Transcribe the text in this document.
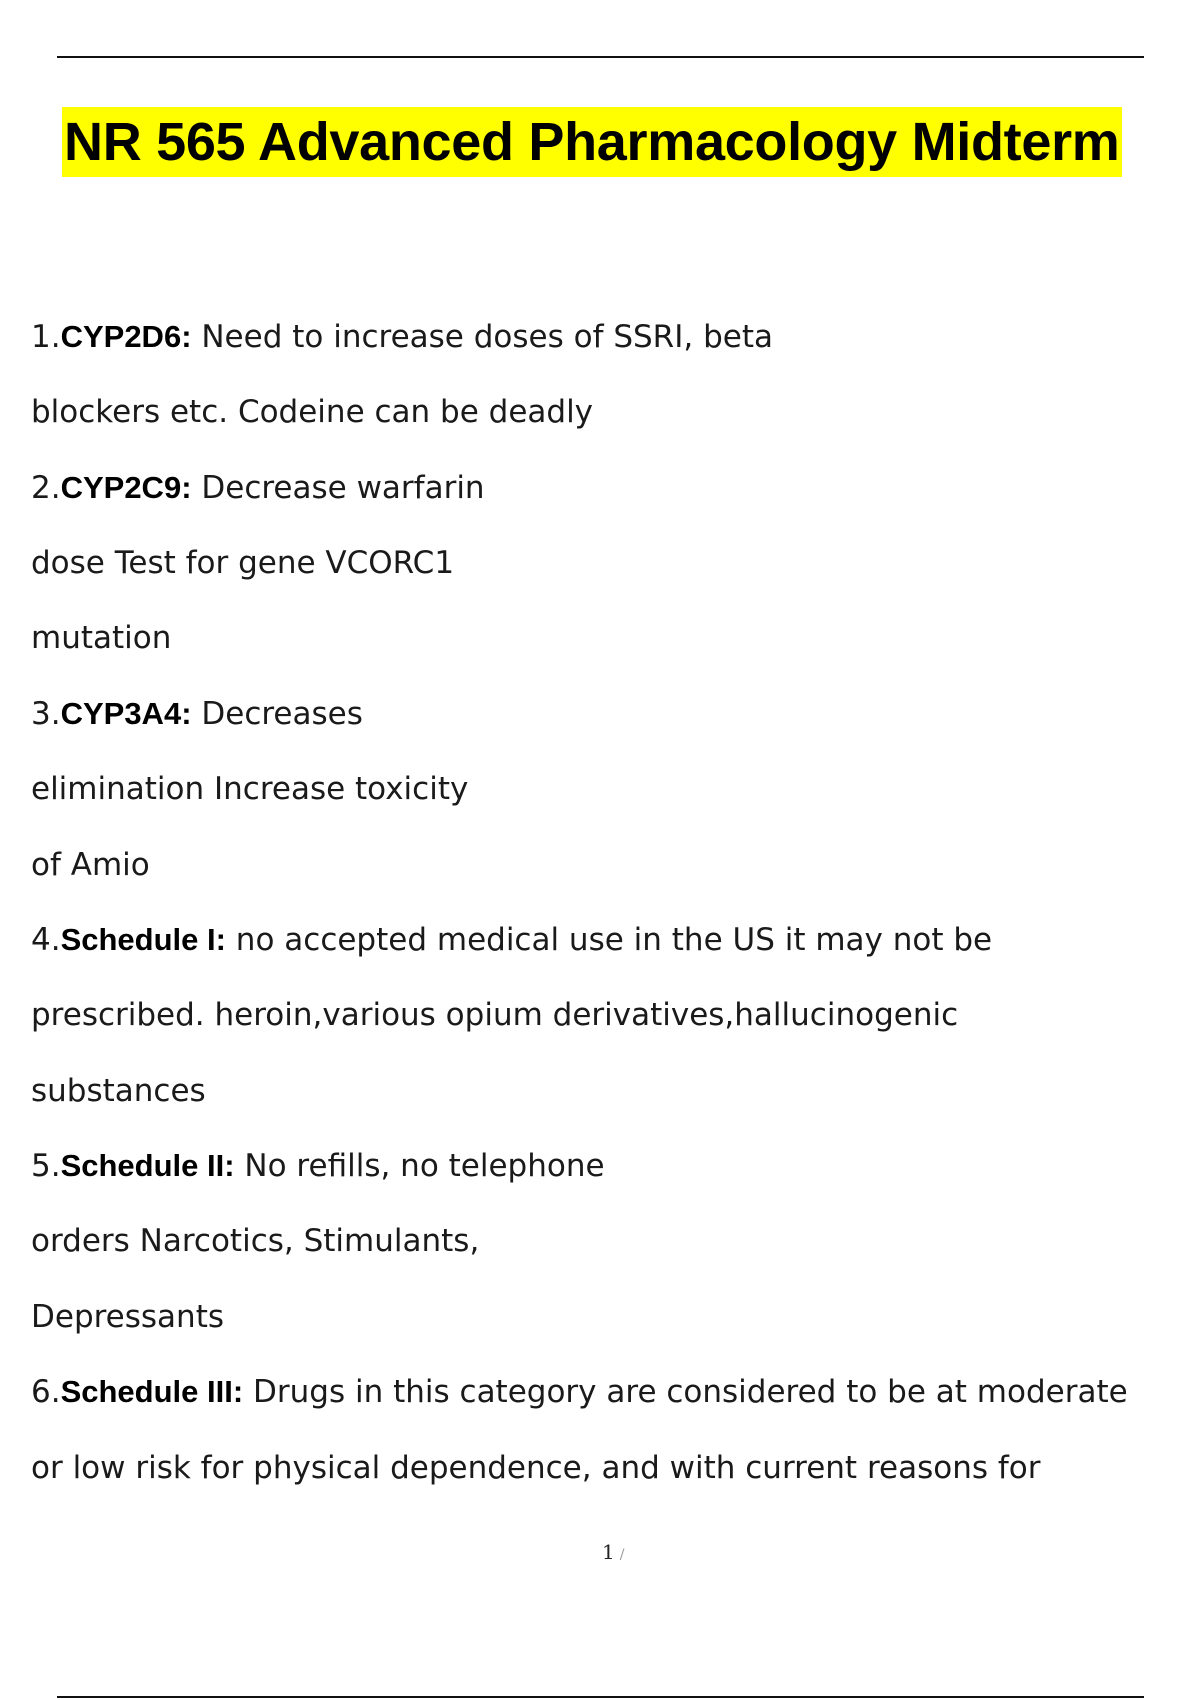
NR 565 Advanced Pharmacology Midterm
1.CYP2D6: Need to increase doses of SSRI, beta
blockers etc. Codeine can be deadly
2.CYP2C9: Decrease warfarin
dose Test for gene VCORC1
mutation
3.CYP3A4: Decreases
elimination Increase toxicity
of Amio
4.Schedule I: no accepted medical use in the US it may not be
prescribed. heroin,various opium derivatives,hallucinogenic
substances
5.Schedule II: No refills, no telephone
orders Narcotics, Stimulants,
Depressants
6.Schedule III: Drugs in this category are considered to be at moderate
or low risk for physical dependence, and with current reasons for
1 /
